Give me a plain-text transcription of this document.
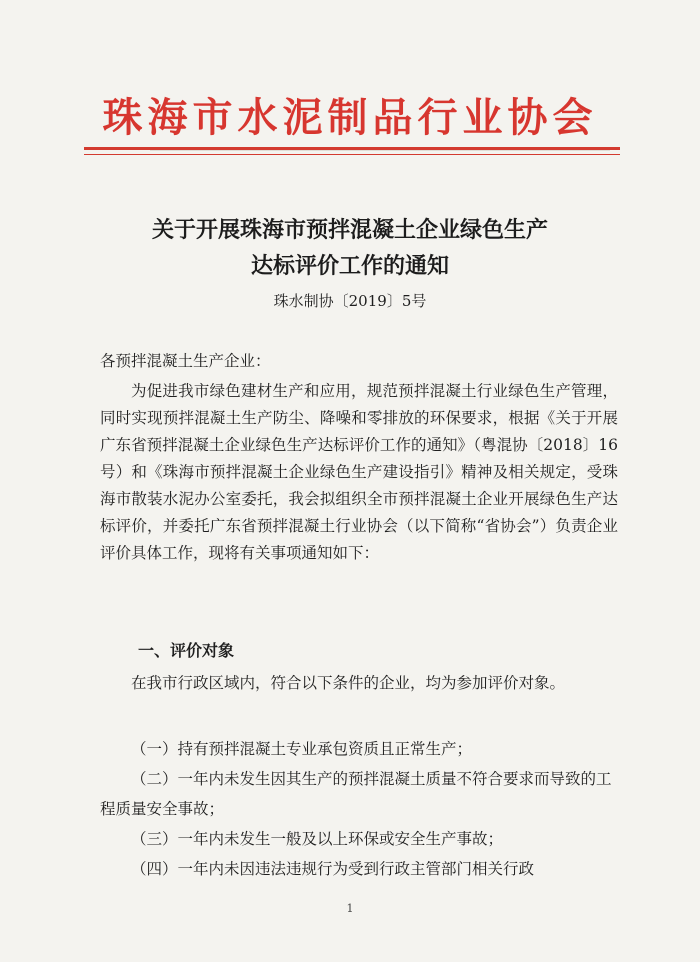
珠海市水泥制品行业协会
关于开展珠海市预拌混凝土企业绿色生产
达标评价工作的通知
珠水制协〔2019〕5号
各预拌混凝土生产企业：
为促进我市绿色建材生产和应用，规范预拌混凝土行业绿色生产管理，同时实现预拌混凝土生产防尘、降噪和零排放的环保要求，根据《关于开展广东省预拌混凝土企业绿色生产达标评价工作的通知》（粤混协〔2018〕16号）和《珠海市预拌混凝土企业绿色生产建设指引》精神及相关规定，受珠海市散装水泥办公室委托，我会拟组织全市预拌混凝土企业开展绿色生产达标评价，并委托广东省预拌混凝土行业协会（以下简称“省协会”）负责企业评价具体工作，现将有关事项通知如下：
一、评价对象
在我市行政区域内，符合以下条件的企业，均为参加评价对象。
（一）持有预拌混凝土专业承包资质且正常生产；
（二）一年内未发生因其生产的预拌混凝土质量不符合要求而导致的工程质量安全事故；
（三）一年内未发生一般及以上环保或安全生产事故；
（四）一年内未因违法违规行为受到行政主管部门相关行政
1
